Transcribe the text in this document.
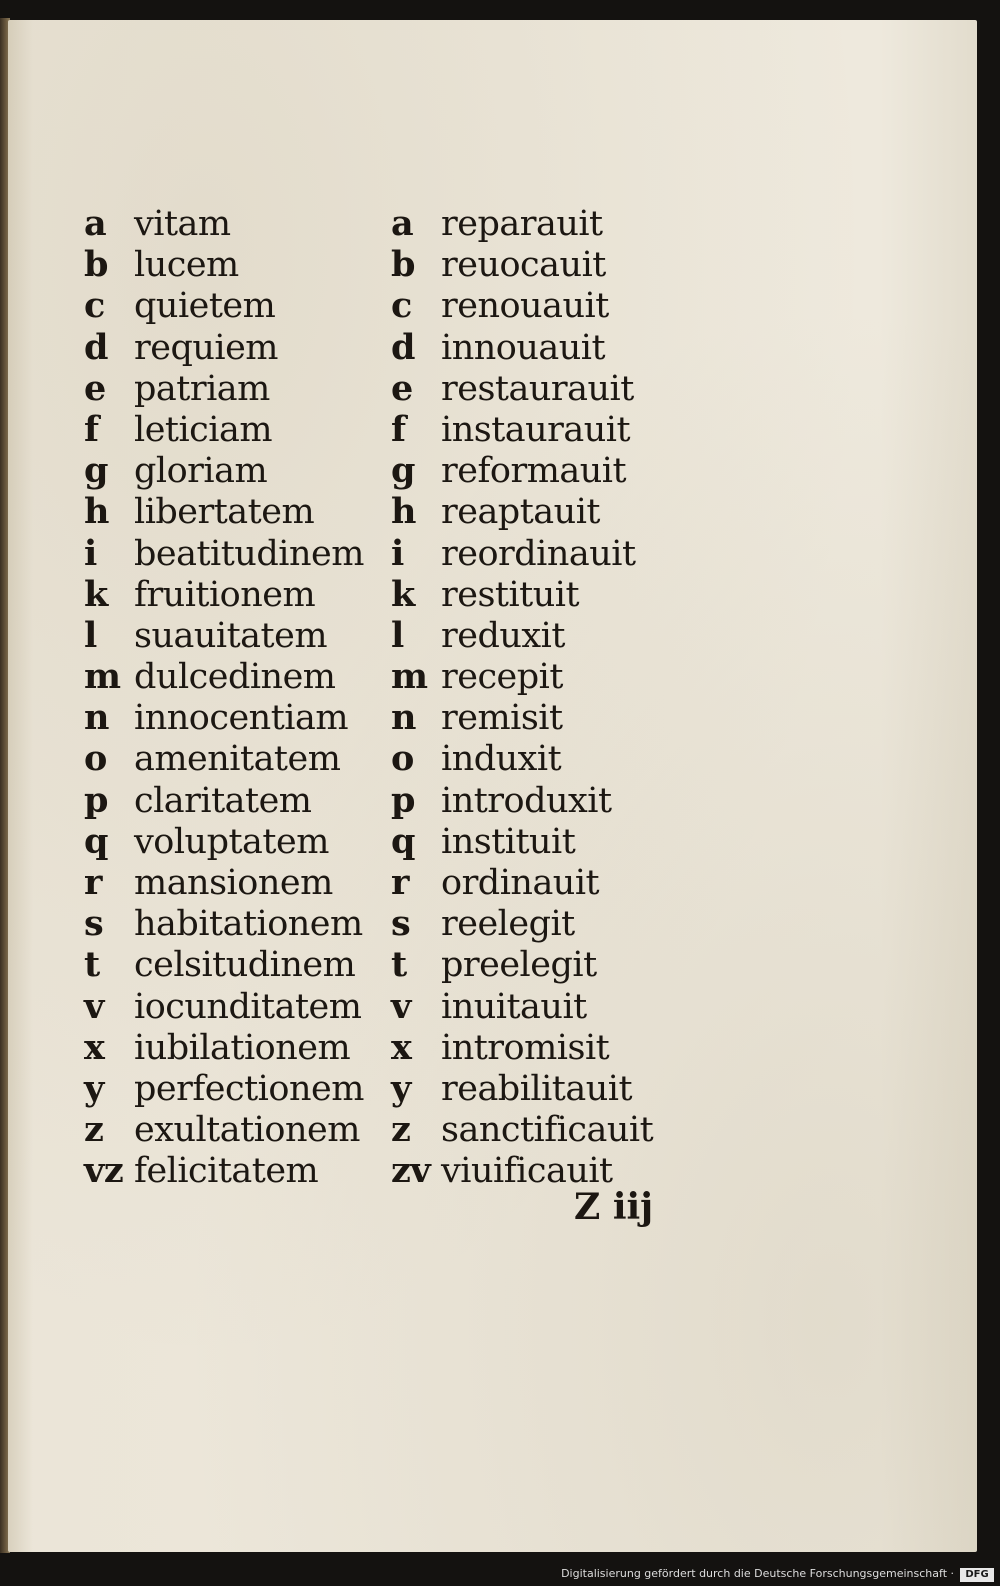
a vitam
b lucem
c quietem
d requiem
e patriam
f leticiam
g gloriam
h libertatem
i beatitudinem
k fruitionem
l suauitatem
m dulcedinem
n innocentiam
o amenitatem
p claritatem
q voluptatem
r mansionem
s habitationem
t celsitudinem
v iocunditatem
x iubilationem
y perfectionem
z exultationem
vz felicitatem
a reparauit
b reuocauit
c renouauit
d innouauit
e restaurauit
f instaurauit
g reformauit
h reaptauit
i reordinauit
k restituit
l reduxit
m recepit
n remisit
o induxit
p introduxit
q instituit
r ordinauit
s reelegit
t preelegit
v inuitauit
x intromisit
y reabilitauit
z sanctificauit
zv viuificauit
Z iij
Digitalisierung gefördert durch die Deutsche Forschungsgemeinschaft ·	DFG
